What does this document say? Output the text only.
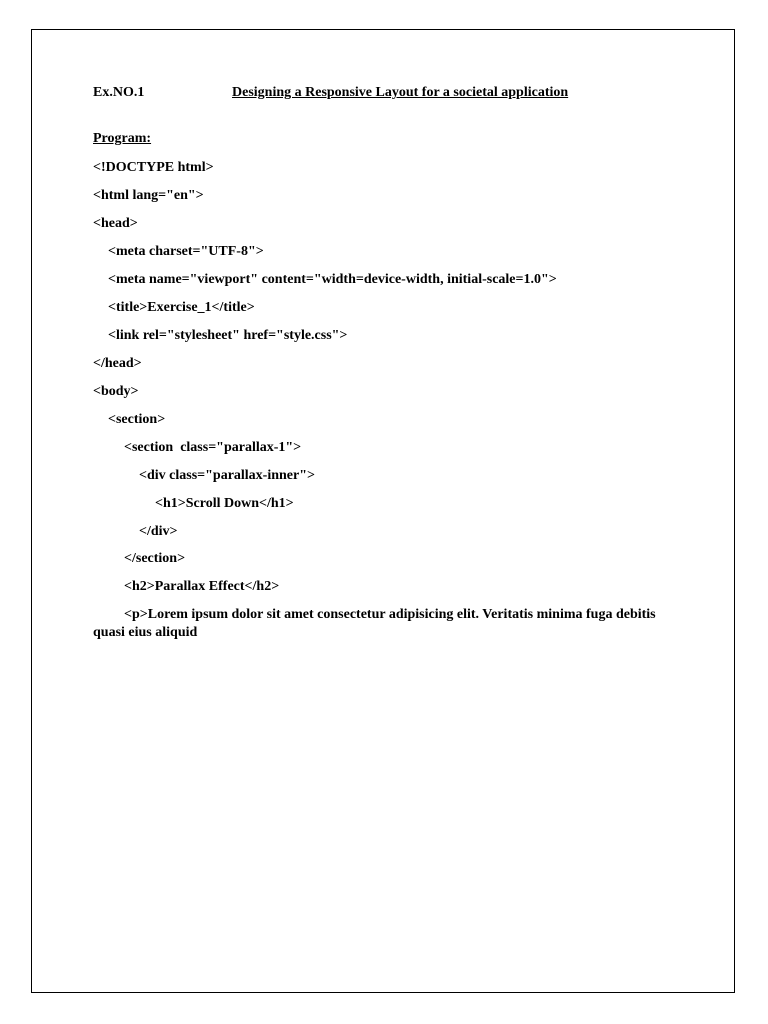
Ex.NO.1	Designing a Responsive Layout for a societal application
Program:
<!DOCTYPE html>
<html lang="en">
<head>
<meta charset="UTF-8">
<meta name="viewport" content="width=device-width, initial-scale=1.0">
<title>Exercise_1</title>
<link rel="stylesheet" href="style.css">
</head>
<body>
<section>
<section  class="parallax-1">
<div class="parallax-inner">
<h1>Scroll Down</h1>
</div>
</section>
<h2>Parallax Effect</h2>
<p>Lorem ipsum dolor sit amet consectetur adipisicing elit. Veritatis minima fuga debitis quasi eius aliquid
